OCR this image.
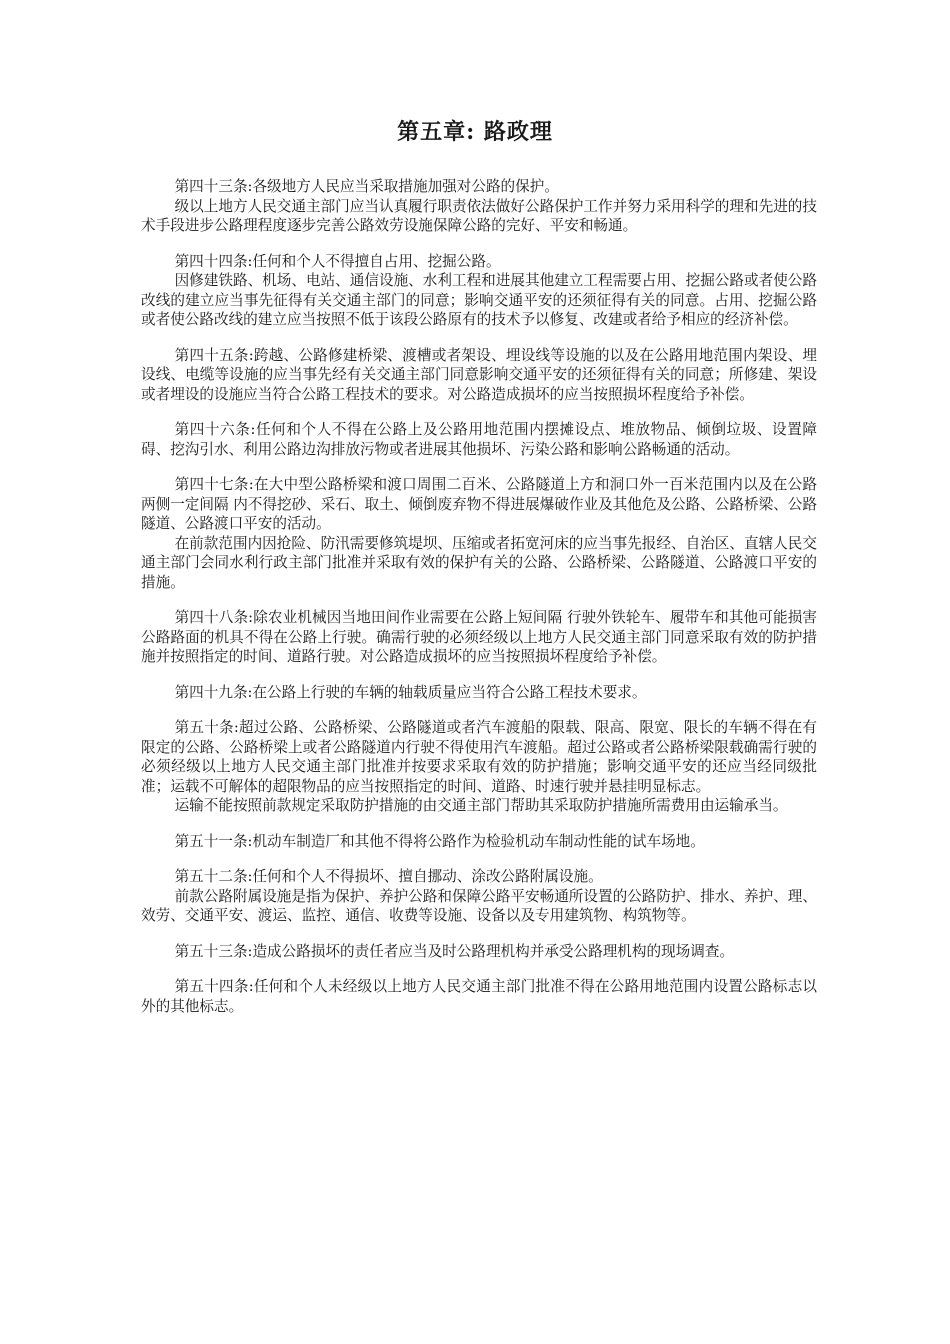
第五章: 路政理

第四十三条:各级地方人民应当采取措施加强对公路的保护。

级以上地方人民交通主部门应当认真履行职责依法做好公路保护工作并努力采用科学的理和先进的技术手段进步公路理程度逐步完善公路效劳设施保障公路的完好、平安和畅通。

第四十四条:任何和个人不得擅自占用、挖掘公路。

因修建铁路、机场、电站、通信设施、水利工程和进展其他建立工程需要占用、挖掘公路或者使公路改线的建立应当事先征得有关交通主部门的同意；影响交通平安的还须征得有关的同意。占用、挖掘公路或者使公路改线的建立应当按照不低于该段公路原有的技术予以修复、改建或者给予相应的经济补偿。

第四十五条:跨越、公路修建桥梁、渡槽或者架设、埋设线等设施的以及在公路用地范围内架设、埋设线、电缆等设施的应当事先经有关交通主部门同意影响交通平安的还须征得有关的同意；所修建、架设或者埋设的设施应当符合公路工程技术的要求。对公路造成损坏的应当按照损坏程度给予补偿。

第四十六条:任何和个人不得在公路上及公路用地范围内摆摊设点、堆放物品、倾倒垃圾、设置障碍、挖沟引水、利用公路边沟排放污物或者进展其他损坏、污染公路和影响公路畅通的活动。

第四十七条:在大中型公路桥梁和渡口周围二百米、公路隧道上方和洞口外一百米范围内以及在公路两侧一定间隔 内不得挖砂、采石、取土、倾倒废弃物不得进展爆破作业及其他危及公路、公路桥梁、公路隧道、公路渡口平安的活动。

在前款范围内因抢险、防汛需要修筑堤坝、压缩或者拓宽河床的应当事先报经、自治区、直辖人民交通主部门会同水利行政主部门批准并采取有效的保护有关的公路、公路桥梁、公路隧道、公路渡口平安的措施。

第四十八条:除农业机械因当地田间作业需要在公路上短间隔 行驶外铁轮车、履带车和其他可能损害公路路面的机具不得在公路上行驶。确需行驶的必须经级以上地方人民交通主部门同意采取有效的防护措施并按照指定的时间、道路行驶。对公路造成损坏的应当按照损坏程度给予补偿。

第四十九条:在公路上行驶的车辆的轴载质量应当符合公路工程技术要求。

第五十条:超过公路、公路桥梁、公路隧道或者汽车渡船的限载、限高、限宽、限长的车辆不得在有限定的公路、公路桥梁上或者公路隧道内行驶不得使用汽车渡船。超过公路或者公路桥梁限载确需行驶的必须经级以上地方人民交通主部门批准并按要求采取有效的防护措施；影响交通平安的还应当经同级批准；运载不可解体的超限物品的应当按照指定的时间、道路、时速行驶并悬挂明显标志。

运输不能按照前款规定采取防护措施的由交通主部门帮助其采取防护措施所需费用由运输承当。

第五十一条:机动车制造厂和其他不得将公路作为检验机动车制动性能的试车场地。

第五十二条:任何和个人不得损坏、擅自挪动、涂改公路附属设施。

前款公路附属设施是指为保护、养护公路和保障公路平安畅通所设置的公路防护、排水、养护、理、效劳、交通平安、渡运、监控、通信、收费等设施、设备以及专用建筑物、构筑物等。

第五十三条:造成公路损坏的责任者应当及时公路理机构并承受公路理机构的现场调查。

第五十四条:任何和个人未经级以上地方人民交通主部门批准不得在公路用地范围内设置公路标志以外的其他标志。
